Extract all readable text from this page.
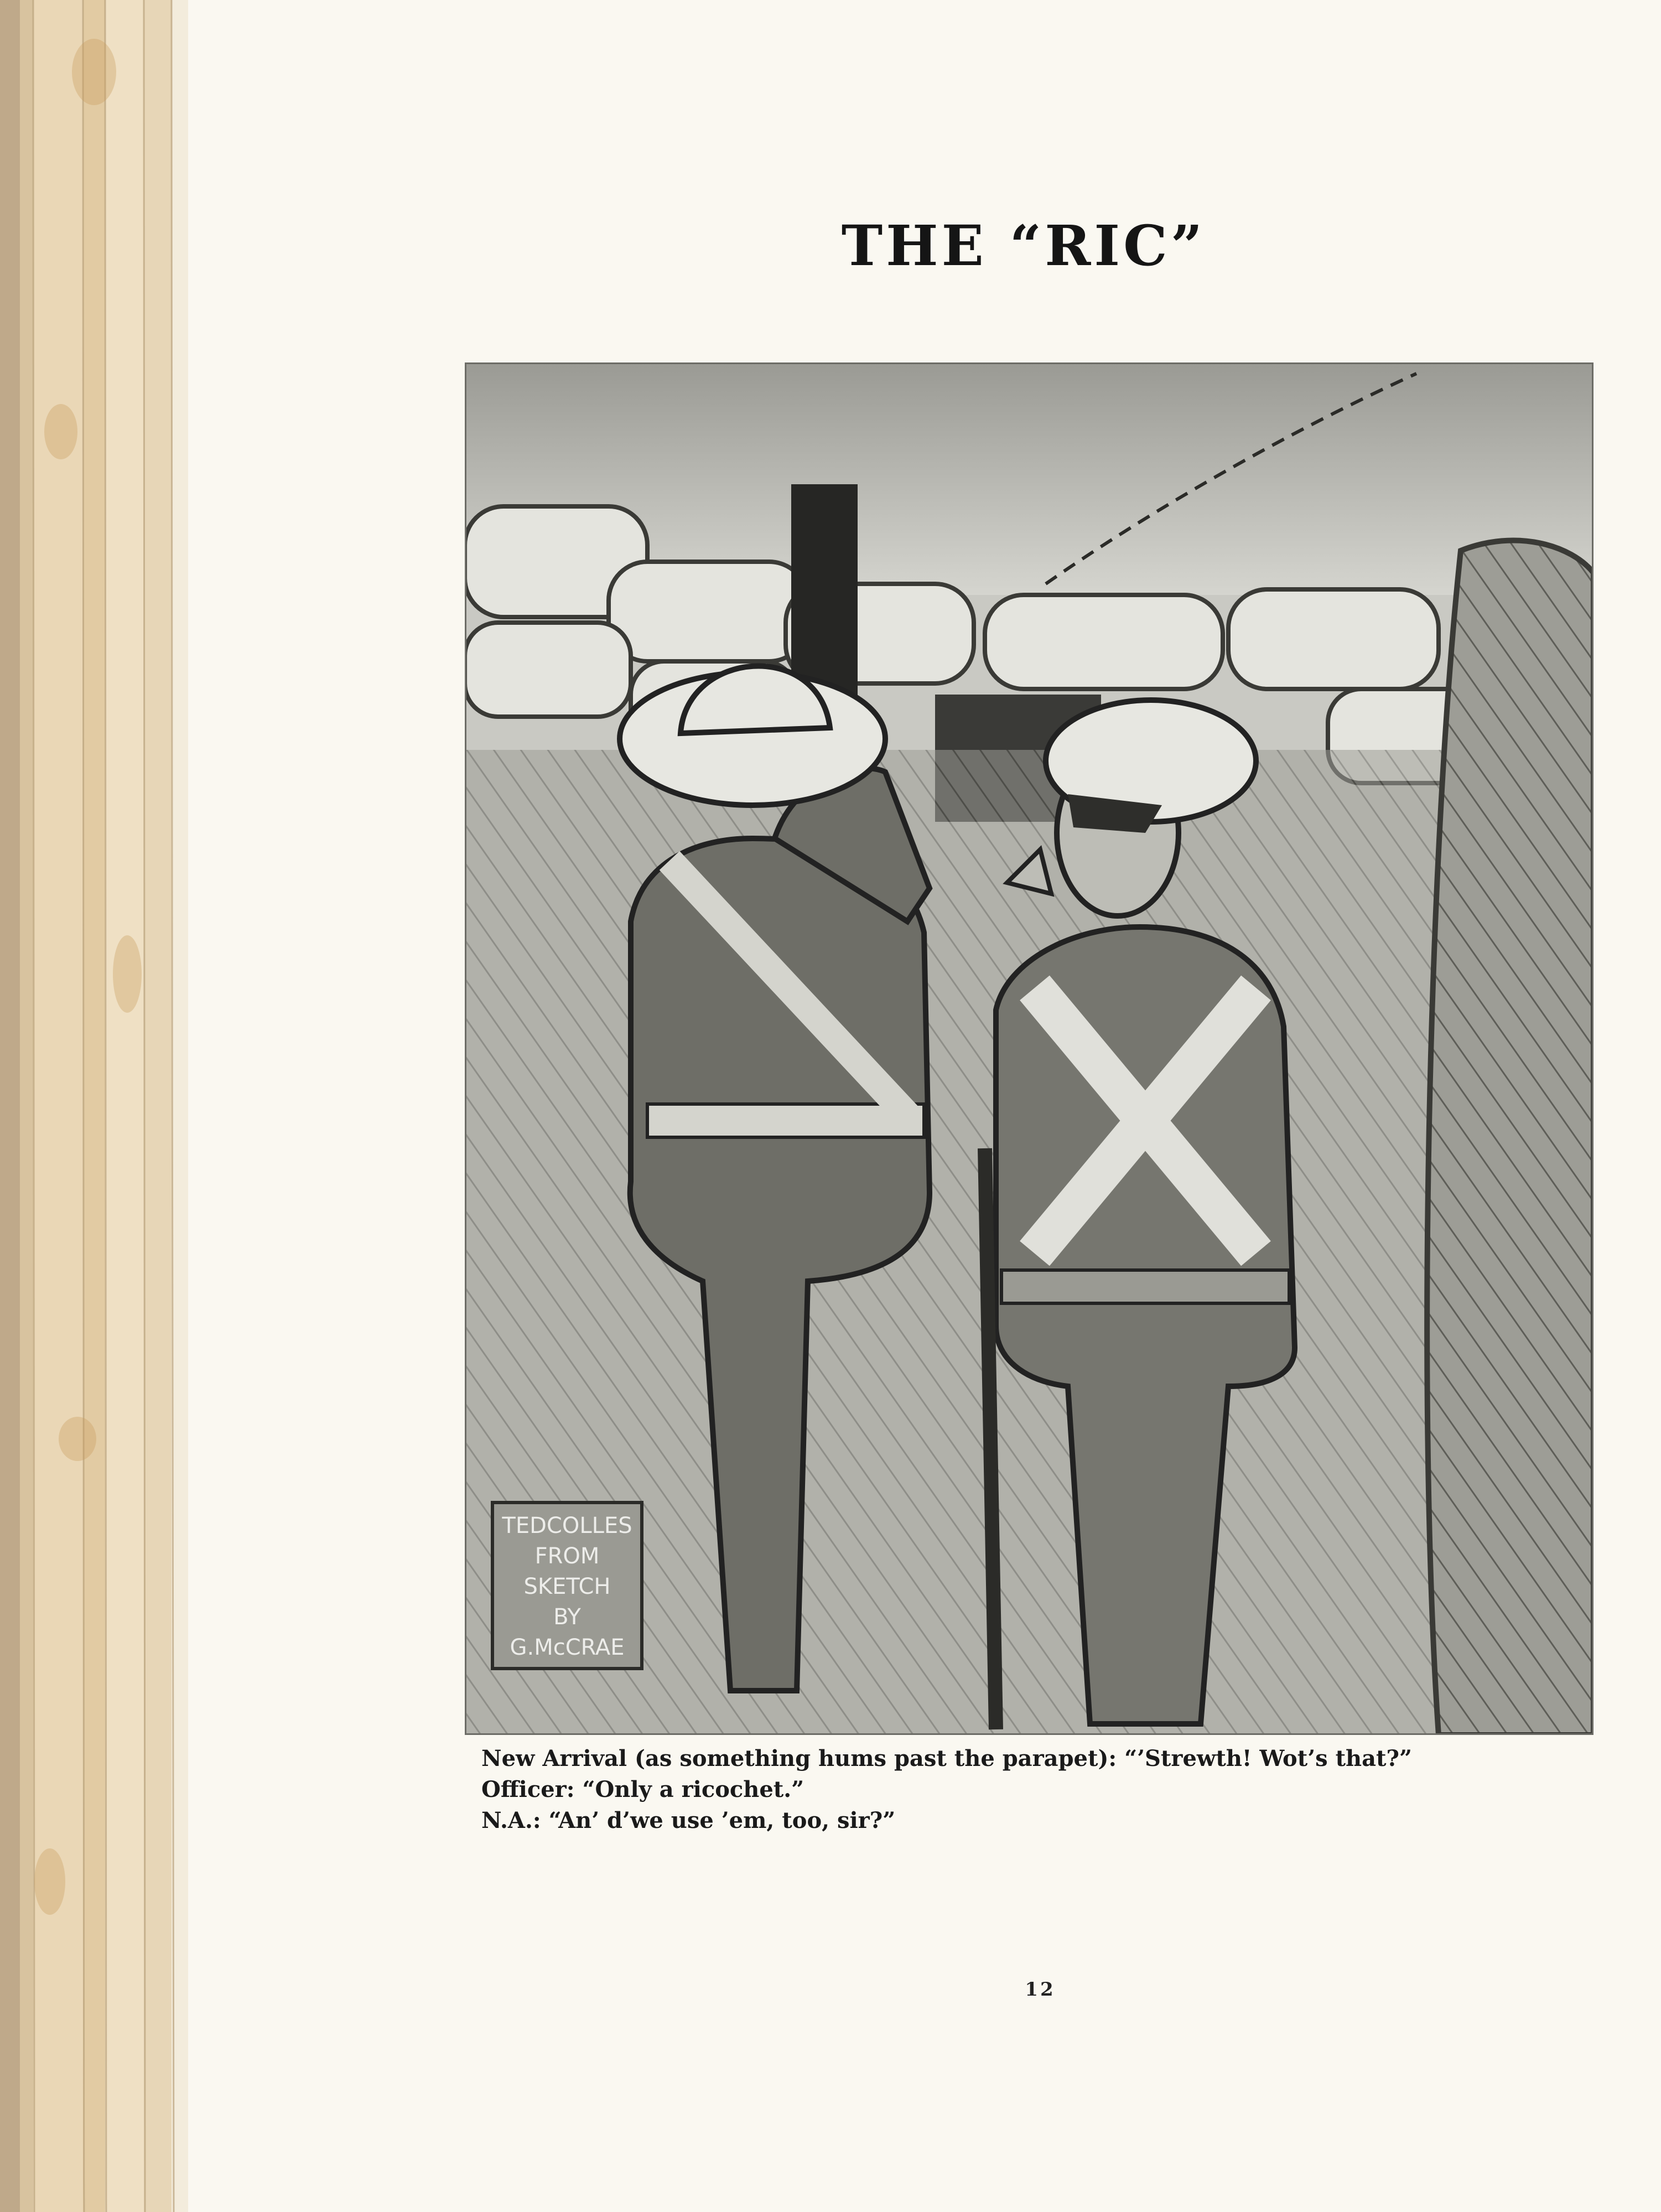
THE “RIC”
TEDCOLLES
FROM
SKETCH
BY
G.McCRAE
New Arrival (as something hums past the parapet): “’Strewth! Wot’s that?”
Officer: “Only a ricochet.”
N.A.: “An’ d’we use ’em, too, sir?”
12
